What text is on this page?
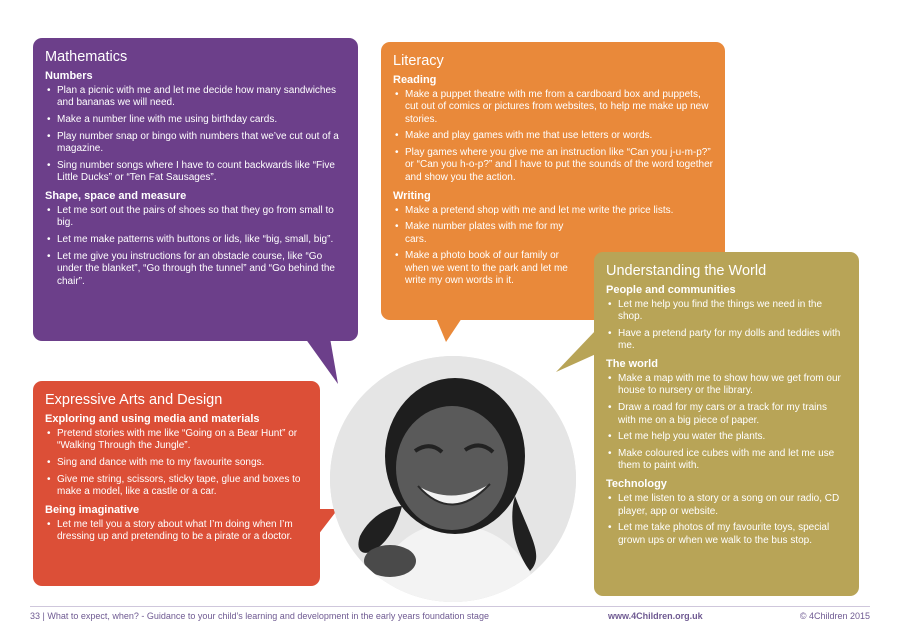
Mathematics
Numbers
• Plan a picnic with me and let me decide how many sandwiches and bananas we will need.
• Make a number line with me using birthday cards.
• Play number snap or bingo with numbers that we’ve cut out of a magazine.
• Sing number songs where I have to count backwards like “Five Little Ducks” or “Ten Fat Sausages”.
Shape, space and measure
• Let me sort out the pairs of shoes so that they go from small to big.
• Let me make patterns with buttons or lids, like “big, small, big”.
• Let me give you instructions for an obstacle course, like “Go under the blanket”, “Go through the tunnel” and “Go behind the chair”.
Literacy
Reading
• Make a puppet theatre with me from a cardboard box and puppets, cut out of comics or pictures from websites, to help me make up new stories.
• Make and play games with me that use letters or words.
• Play games where you give me an instruction like “Can you j-u-m-p?” or “Can you h-o-p?” and I have to put the sounds of the word together and show you the action.
Writing
• Make a pretend shop with me and let me write the price lists.
• Make number plates with me for my cars.
• Make a photo book of our family or when we went to the park and let me write my own words in it.
Expressive Arts and Design
Exploring and using media and materials
• Pretend stories with me like “Going on a Bear Hunt” or “Walking Through the Jungle”.
• Sing and dance with me to my favourite songs.
• Give me string, scissors, sticky tape, glue and boxes to make a model, like a castle or a car.
Being imaginative
• Let me tell you a story about what I’m doing when I’m dressing up and pretending to be a pirate or a doctor.
Understanding the World
People and communities
• Let me help you find the things we need in the shop.
• Have a pretend party for my dolls and teddies with me.
The world
• Make a map with me to show how we get from our house to nursery or the library.
• Draw a road for my cars or a track for my trains with me on a big piece of paper.
• Let me help you water the plants.
• Make coloured ice cubes with me and let me use them to paint with.
Technology
• Let me listen to a story or a song on our radio, CD player, app or website.
• Let me take photos of my favourite toys, special grown ups or when we walk to the bus stop.
33 | What to expect, when? - Guidance to your child’s learning and development in the early years foundation stage	www.4Children.org.uk	© 4Children 2015
